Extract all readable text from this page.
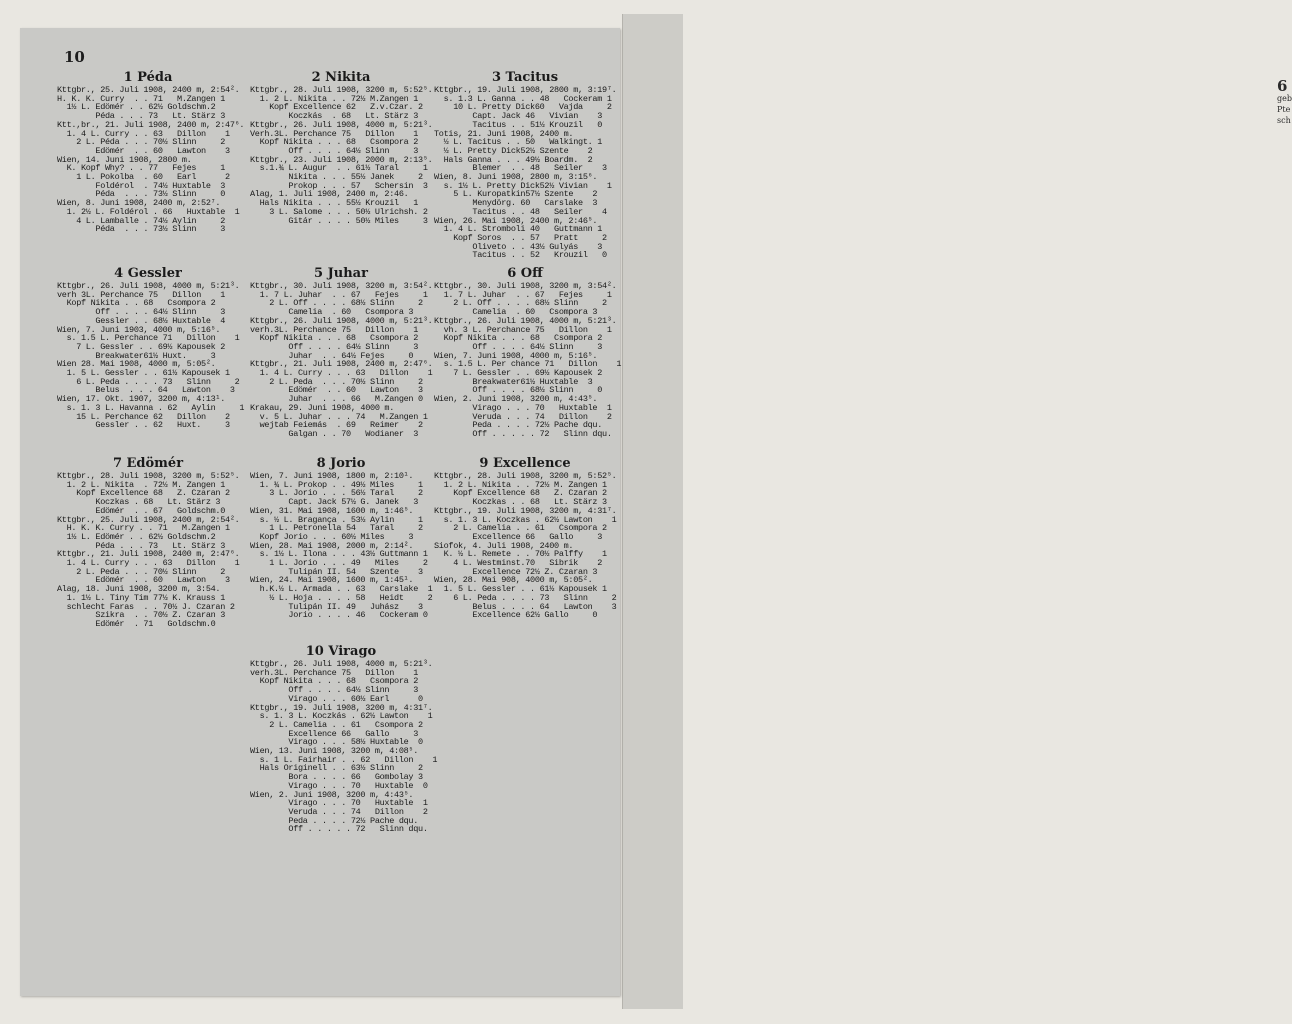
6
geb
Pte
sch
10
1 Péda
Kttgbr., 25. Juli 1908, 2400 m, 2:54².
H. K. K. Curry  . . 71   M.Zangen 1
1½ L. Edömér . . 62½ Goldschm.2
Péda . . . 73   Lt. Stärz 3
Ktt.,br., 21. Juli 1908, 2400 m, 2:47⁶.
1. 4 L. Curry . . 63   Dillon    1
2 L. Péda . . . 70½ Slinn     2
Edömér  . . 60   Lawton    3
Wien, 14. Juni 1908, 2800 m.
K. Kopf Why? . . 77   Fejes     1
1 L. Pokolba  . 60   Earl      2
Foldérol  . 74½ Huxtable  3
Péda  . . . 73½ Slinn     0
Wien, 8. Juni 1908, 2400 m, 2:52⁷.
1. 2½ L. Foldérol . 66   Huxtable  1
4 L. Lamballe . 74½ Aylin     2
Péda  . . . 73½ Slinn     3
2 Nikita
Kttgbr., 28. Juli 1908, 3200 m, 5:52⁵.
1. 2 L. Nikita . . 72½ M.Zangen 1
Kopf Excellence 62   Z.v.Czar. 2
Koczkás  . 68   Lt. Stärz 3
Kttgbr., 26. Juli 1908, 4000 m, 5:21³.
Verh.3L. Perchance 75   Dillon    1
Kopf Nikita . . . 68   Csompora 2
Off . . . . 64½ Slinn     3
Kttgbr., 23. Juli 1908, 2000 m, 2:13⁵.
s.1.¾ L. Augur  . . 61½ Taral     1
Nikita . . . 55½ Janek     2
Prokop . . . 57   Schersin  3
Alag, 1. Juli 1908, 2400 m, 2:46.
Hals Nikita . . . 55½ Krouzil   1
3 L. Salome . . . 50½ Ulrichsh. 2
Gitár . . . . 50½ Miles     3
3 Tacitus
Kttgbr., 19. Juli 1908, 2800 m, 3:19⁷.
s. 1.3 L. Ganna . . 48   Cockeram 1
10 L. Pretty Dick60   Vajda     2
Capt. Jack 46   Vivian    3
Tacitus . . 51½ Krouzil   0
Totis, 21. Juni 1908, 2400 m.
½ L. Tacitus . . 50   Walkingt. 1
½ L. Pretty Dick52½ Szente    2
Hals Ganna . . . 49½ Boardm.  2
Blemer  . . 48   Seiler    3
Wien, 8. Juni 1908, 2800 m, 3:15⁶.
s. 1½ L. Pretty Dick52½ Vivian    1
5 L. Kuropatkin57½ Szente    2
Menydörg. 60   Carslake  3
Tacitus . . 48   Seiler    4
Wien, 26. Mai 1908, 2400 m, 2:46⁵.
1. 4 L. Stromboli 40   Guttmann 1
Kopf Soros  . . 57   Pratt     2
Oliveto . . 43½ Gulyás    3
Tacitus . . 52   Krouzil   0
4 Gessler
Kttgbr., 26. Juli 1908, 4000 m, 5:21³.
verh 3L. Perchance 75   Dillon    1
Kopf Nikita . . 68   Csompora 2
Off . . . . 64½ Slinn     3
Gessler . . 68½ Huxtable  4
Wien, 7. Juni 1903, 4000 m, 5:16⁵.
s. 1.5 L. Perchance 71   Dillon    1
7 L. Gessler . . 69½ Kapousek 2
Breakwater61½ Huxt.     3
Wien 28. Mai 1908, 4000 m, 5:05².
1. 5 L. Gessler . . 61½ Kapousek 1
6 L. Peda . . . . 73   Slinn     2
Belus  . . . 64   Lawton    3
Wien, 17. Okt. 1907, 3200 m, 4:13¹.
s. 1. 3 L. Havanna . 62   Aylin     1
15 L. Perchance 62   Dillon    2
Gessler . . 62   Huxt.     3
5 Juhar
Kttgbr., 30. Juli 1908, 3200 m, 3:54².
1. 7 L. Juhar  . . 67   Fejes     1
2 L. Off . . . . 68½ Slinn     2
Camelia  . 60   Csompora 3
Kttgbr., 26. Juli 1908, 4000 m, 5:21³.
verh.3L. Perchance 75   Dillon    1
Kopf Nikita . . . 68   Csompora 2
Off . . . . 64½ Slinn     3
Juhar  . . 64½ Fejes     0
Kttgbr., 21. Juli 1908, 2400 m, 2:47⁶.
1. 4 L. Curry . . . 63   Dillon    1
2 L. Peda  . . . 70½ Slinn     2
Edömér  . . 60   Lawton    3
Juhar  . . . 66   M.Zangen 0
Krakau, 29. Juni 1908, 4000 m.
v. 5 L. Juhar . . . 74   M.Zangen 1
wejtab Feiemás  . 69   Reimer    2
Galgan . . 70   Wodianer  3
6 Off
Kttgbr., 30. Juli 1908, 3200 m, 3:54².
1. 7 L. Juhar  . . 67   Fejes     1
2 L. Off . . . . 68½ Slinn     2
Camelia  . 60   Csompora 3
Kttgbr., 26. Juli 1908, 4000 m, 5:21³.
vh. 3 L. Perchance 75   Dillon    1
Kopf Nikita . . . 68   Csompora 2
Off . . . . 64½ Slinn     3
Wien, 7. Juni 1908, 4000 m, 5:16⁵.
s. 1.5 L. Per chance 71   Dillon    1
7 L. Gessler . . 69½ Kapousek 2
Breakwater61½ Huxtable  3
Off . . . . 68½ Slinn     0
Wien, 2. Juni 1908, 3200 m, 4:43⁵.
Virago . . . 70   Huxtable  1
Veruda . . . 74   Dillon    2
Peda . . . . 72½ Pache dqu.
Off . . . . . 72   Slinn dqu.
7 Edömér
Kttgbr., 28. Juli 1908, 3200 m, 5:52⁵.
1. 2 L. Nikita  . 72½ M. Zangen 1
Kopf Excellence 68   Z. Czaran 2
Koczkas . 68   Lt. Stärz 3
Edömér  . . 67   Goldschm.0
Kttgbr., 25. Juli 1908, 2400 m, 2:54².
H. K. K. Curry . . 71   M.Zangen 1
1½ L. Edömér . . 62½ Goldschm.2
Péda . . . 73   Lt. Stärz 3
Kttgbr., 21. Juli 1908, 2400 m, 2:47⁶.
1. 4 L. Curry . . . 63   Dillon    1
2 L. Peda . . . 70½ Slinn     2
Edömér  . . 60   Lawton    3
Alag, 18. Juni 1908, 3200 m, 3:54.
1. 1½ L. Tiny Tim 77½ K. Krauss 1
schlecht Faras  . . 70½ J. Czaran 2
Szikra  . . 70½ Z. Czaran 3
Edömér  . 71   Goldschm.0
8 Jorio
Wien, 7. Juni 1908, 1800 m, 2:10¹.
1. ¾ L. Prokop . . 49½ Miles     1
3 L. Jorio . . . 56½ Taral     2
Capt. Jack 57½ G. Janek   3
Wien, 31. Mai 1908, 1600 m, 1:46⁵.
s. ½ L. Bragança . 53½ Aylin     1
1 L. Petronella 54   Taral     2
Kopf Jorio . . . 60½ Miles     3
Wien, 28. Mai 1908, 2000 m, 2:14².
s. 1½ L. Ilona . . . 43½ Guttmann 1
1 L. Jorio . . . 49   Miles     2
Tulipán II. 54   Szente    3
Wien, 24. Mai 1908, 1600 m, 1:45¹.
h.K.½ L. Armada . . 63   Carslake  1
½ L. Hoja . . . . 58   Heidt     2
Tulipán II. 49   Juhász    3
Jorio . . . . 46   Cockeram 0
9 Excellence
Kttgbr., 28. Juli 1908, 3200 m, 5:52⁵.
1. 2 L. Nikita . . 72½ M. Zangen 1
Kopf Excellence 68   Z. Czaran 2
Koczkas . . 68   Lt. Stärz 3
Kttgbr., 19. Juli 1908, 3200 m, 4:31⁷.
s. 1. 3 L. Koczkas . 62½ Lawton    1
2 L. Camelia . . 61   Csompora 2
Excellence 66   Gallo     3
Siofok, 4. Juli 1908, 2400 m.
K. ½ L. Remete . . 70½ Palffy    1
4 L. Westminst.70   Sibrik    2
Excellence 72½ Z. Czaran 3
Wien, 28. Mai 908, 4000 m, 5:05².
1. 5 L. Gessler . . 61½ Kapousek 1
6 L. Peda . . . . 73   Slinn     2
Belus . . . . 64   Lawton    3
Excellence 62½ Gallo     0
10 Virago
Kttgbr., 26. Juli 1908, 4000 m, 5:21³.
verh.3L. Perchance 75   Dillon    1
Kopf Nikita . . . 68   Csompora 2
Off . . . . 64½ Slinn     3
Virago . . . 60½ Earl      0
Kttgbr., 19. Juli 1908, 3200 m, 4:31⁷.
s. 1. 3 L. Koczkás . 62½ Lawton    1
2 L. Camelia . . 61   Csompora 2
Excellence 66   Gallo     3
Virago . . . 58½ Huxtable  0
Wien, 13. Juni 1908, 3200 m, 4:08⁵.
s. 1 L. Fairhair . . 62   Dillon    1
Hals Originell . . 63½ Slinn     2
Bora . . . . 66   Gombolay 3
Virago . . . 70   Huxtable  0
Wien, 2. Juni 1908, 3200 m, 4:43⁵.
Virago . . . 70   Huxtable  1
Veruda . . . 74   Dillon    2
Peda . . . . 72½ Pache dqu.
Off . . . . . 72   Slinn dqu.
